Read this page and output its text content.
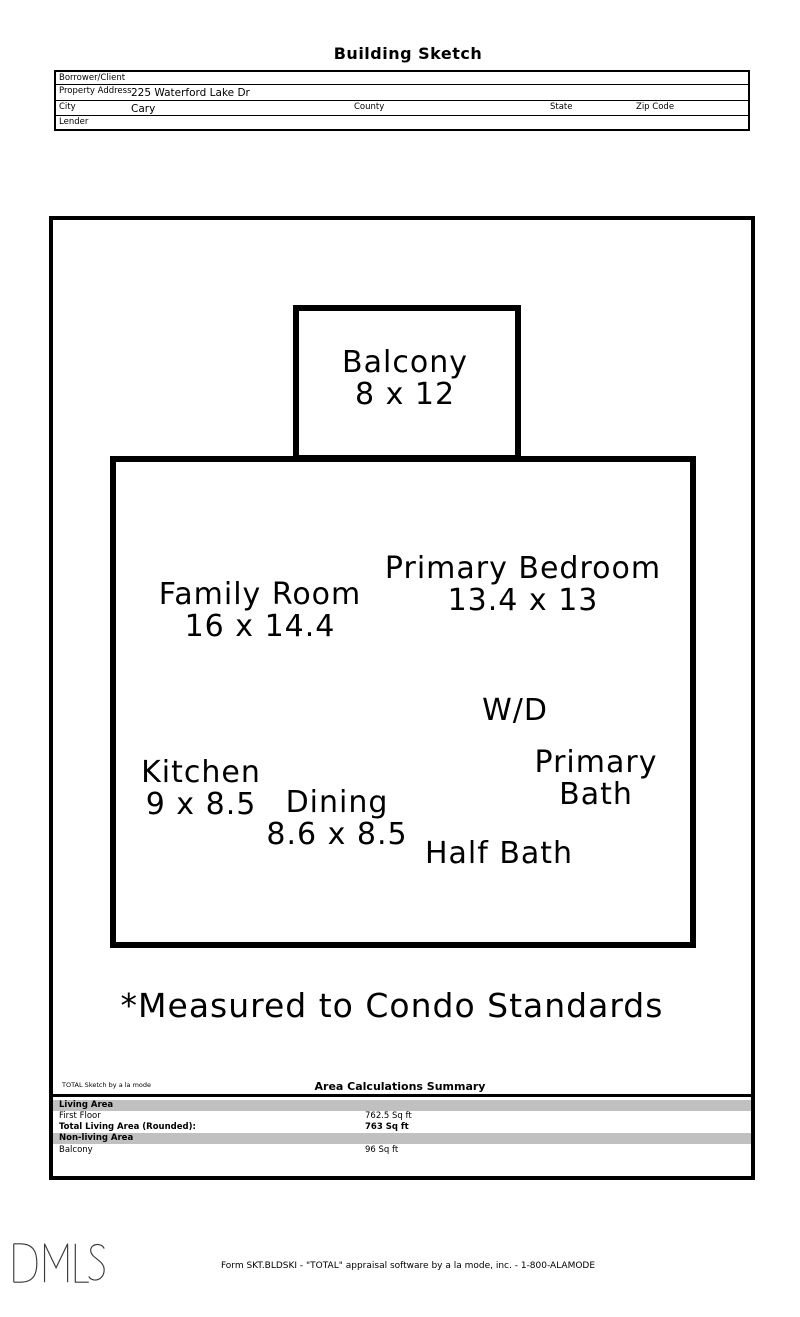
Building Sketch
Borrower/Client
Property Address 225 Waterford Lake Dr
City	Cary	County	State	Zip Code
Lender
Balcony
8 x 12
Family Room
16 x 14.4
Primary Bedroom
13.4 x 13
W/D
Kitchen
9 x 8.5 Dining
8.6 x 8.5
Primary Bath
Half Bath
*Measured to Condo Standards
TOTAL Sketch by a la mode	Area Calculations Summary
Living Area
First Floor	762.5 Sq ft
Total Living Area (Rounded):	763 Sq ft
Non-living Area
Balcony	96 Sq ft
Form SKT.BLDSKI - "TOTAL" appraisal software by a la mode, inc. - 1-800-ALAMODE
